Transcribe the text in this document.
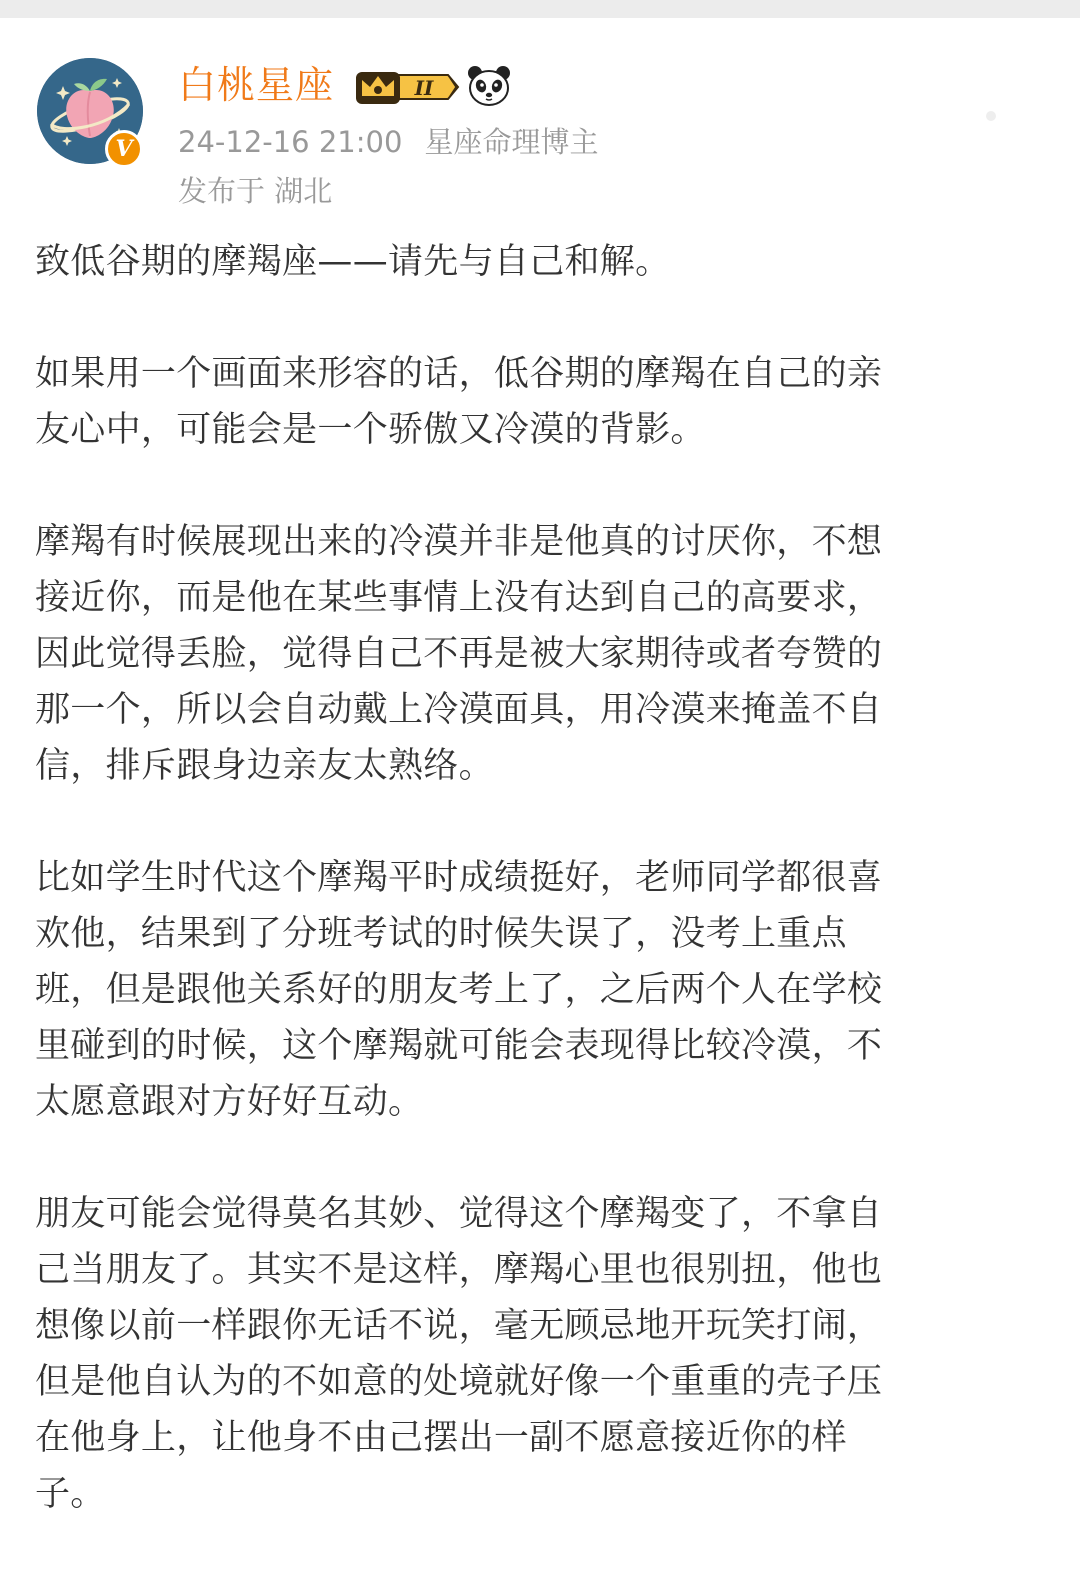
V
白桃星座	II
24-12-16 21:00 星座命理博主
发布于 湖北
致低谷期的摩羯座——请先与自己和解。
如果用一个画面来形容的话，低谷期的摩羯在自己的亲
友心中，可能会是一个骄傲又冷漠的背影。
摩羯有时候展现出来的冷漠并非是他真的讨厌你，不想
接近你，而是他在某些事情上没有达到自己的高要求，
因此觉得丢脸，觉得自己不再是被大家期待或者夸赞的
那一个，所以会自动戴上冷漠面具，用冷漠来掩盖不自
信，排斥跟身边亲友太熟络。
比如学生时代这个摩羯平时成绩挺好，老师同学都很喜
欢他，结果到了分班考试的时候失误了，没考上重点
班，但是跟他关系好的朋友考上了，之后两个人在学校
里碰到的时候，这个摩羯就可能会表现得比较冷漠，不
太愿意跟对方好好互动。
朋友可能会觉得莫名其妙、觉得这个摩羯变了，不拿自
己当朋友了。其实不是这样，摩羯心里也很别扭，他也
想像以前一样跟你无话不说，毫无顾忌地开玩笑打闹，
但是他自认为的不如意的处境就好像一个重重的壳子压
在他身上，让他身不由己摆出一副不愿意接近你的样
子。
